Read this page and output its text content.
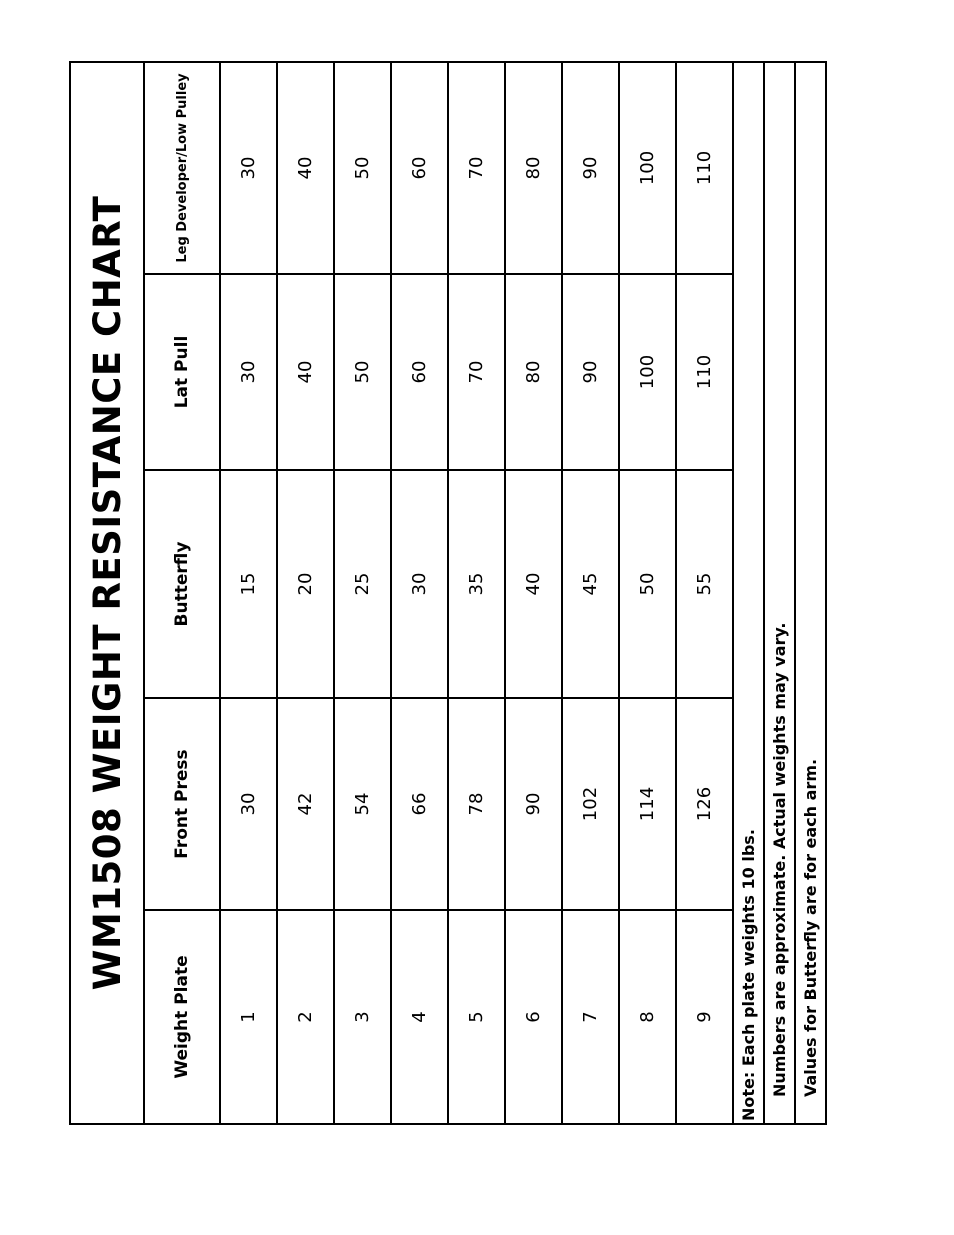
WM1508 WEIGHT RESISTANCE CHART				
Weight Plate	Front Press	Butterfly	Lat Pull	Leg Developer/Low Pulley
1	30	15	30	30
2	42	20	40	40
3	54	25	50	50
4	66	30	60	60
5	78	35	70	70
6	90	40	80	80
7	102	45	90	90
8	114	50	100	100
9	126	55	110	110
Note: Each plate weights 10 lbs.				
Numbers are approximate. Actual weights may vary.				
Values for Butterfly are for each arm.				
